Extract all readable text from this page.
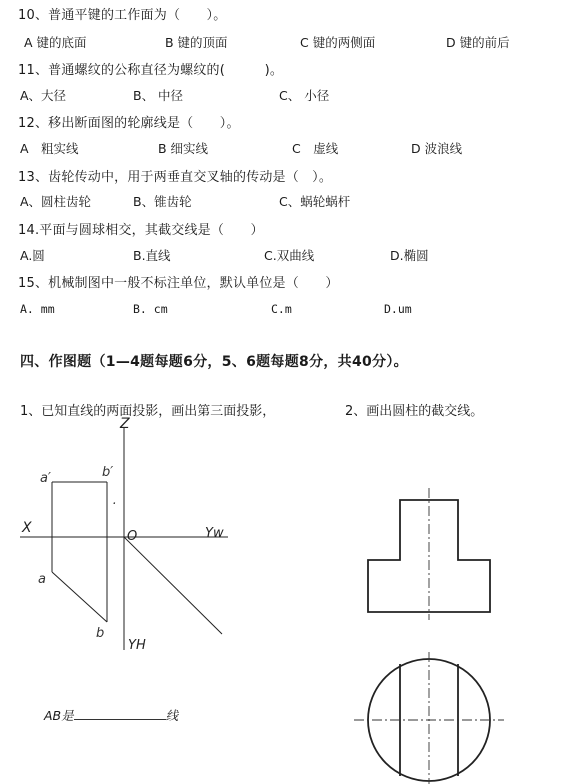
10、普通平键的工作面为（　　）。
A 键的底面	B 键的顶面	C 键的两侧面	D 键的前后
11、普通螺纹的公称直径为螺纹的(　　　)。
A、大径	B、 中径	C、 小径
12、移出断面图的轮廓线是（　　）。
A　粗实线	B 细实线	C　虚线	D 波浪线
13、齿轮传动中，用于两垂直交叉轴的传动是（　）。
A、圆柱齿轮	B、锥齿轮	C、蜗轮蜗杆
14.平面与圆球相交，其截交线是（　　）
A.圆	B.直线	C.双曲线	D.椭圆
15、机械制图中一般不标注单位，默认单位是（　　）
A. mm	B. cm	C.m	D.um
四、作图题（1—4题每题6分，5、6题每题8分，共40分）。
1、已知直线的两面投影，画出第三面投影，	2、画出圆柱的截交线。
Z
X
O	Yw
YH
a′	b′
a
b
·
AB是	线
